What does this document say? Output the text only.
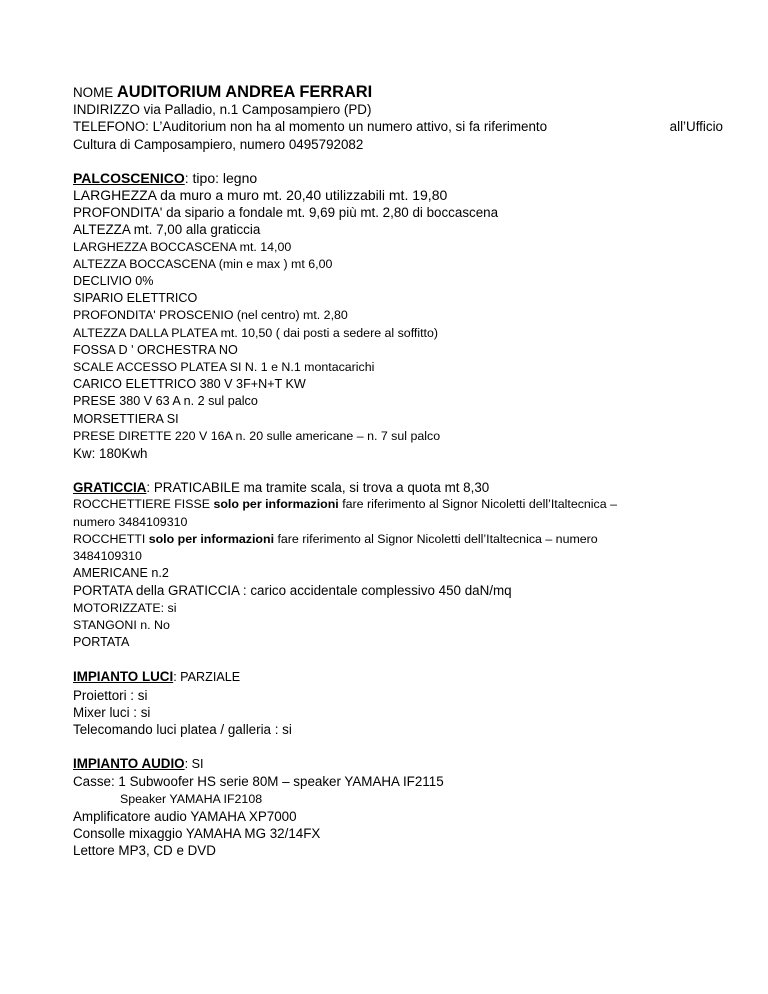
NOME AUDITORIUM ANDREA FERRARI
INDIRIZZO via Palladio, n.1 Camposampiero (PD)
TELEFONO: L’Auditorium non ha al momento un numero attivo, si fa riferimento	all’Ufficio
Cultura di Camposampiero, numero 0495792082
PALCOSCENICO: tipo: legno
LARGHEZZA da muro a muro mt. 20,40 utilizzabili mt. 19,80
PROFONDITA' da sipario a fondale mt. 9,69 più mt. 2,80 di boccascena
ALTEZZA mt. 7,00 alla graticcia
LARGHEZZA BOCCASCENA mt. 14,00
ALTEZZA BOCCASCENA (min e max ) mt 6,00
DECLIVIO 0%
SIPARIO ELETTRICO
PROFONDITA' PROSCENIO (nel centro) mt. 2,80
ALTEZZA DALLA PLATEA mt. 10,50 ( dai posti a sedere al soffitto)
FOSSA D ' ORCHESTRA NO
SCALE ACCESSO PLATEA SI N. 1 e N.1 montacarichi
CARICO ELETTRICO 380 V 3F+N+T KW
PRESE 380 V 63 A n. 2 sul palco
MORSETTIERA SI
PRESE DIRETTE 220 V 16A n. 20 sulle americane – n. 7 sul palco
Kw: 180Kwh
GRATICCIA: PRATICABILE ma tramite scala, si trova a quota mt 8,30
ROCCHETTIERE FISSE solo per informazioni fare riferimento al Signor Nicoletti dell’Italtecnica –
numero 3484109310
ROCCHETTI solo per informazioni fare riferimento al Signor Nicoletti dell’Italtecnica – numero
3484109310
AMERICANE n.2
PORTATA della GRATICCIA : carico accidentale complessivo 450 daN/mq
MOTORIZZATE: si
STANGONI n. No
PORTATA
IMPIANTO LUCI: PARZIALE
Proiettori : si
Mixer luci : si
Telecomando luci platea / galleria : si
IMPIANTO AUDIO: SI
Casse: 1 Subwoofer HS serie 80M – speaker YAMAHA IF2115
Speaker YAMAHA IF2108
Amplificatore audio YAMAHA XP7000
Consolle mixaggio YAMAHA MG 32/14FX
Lettore MP3, CD e DVD
